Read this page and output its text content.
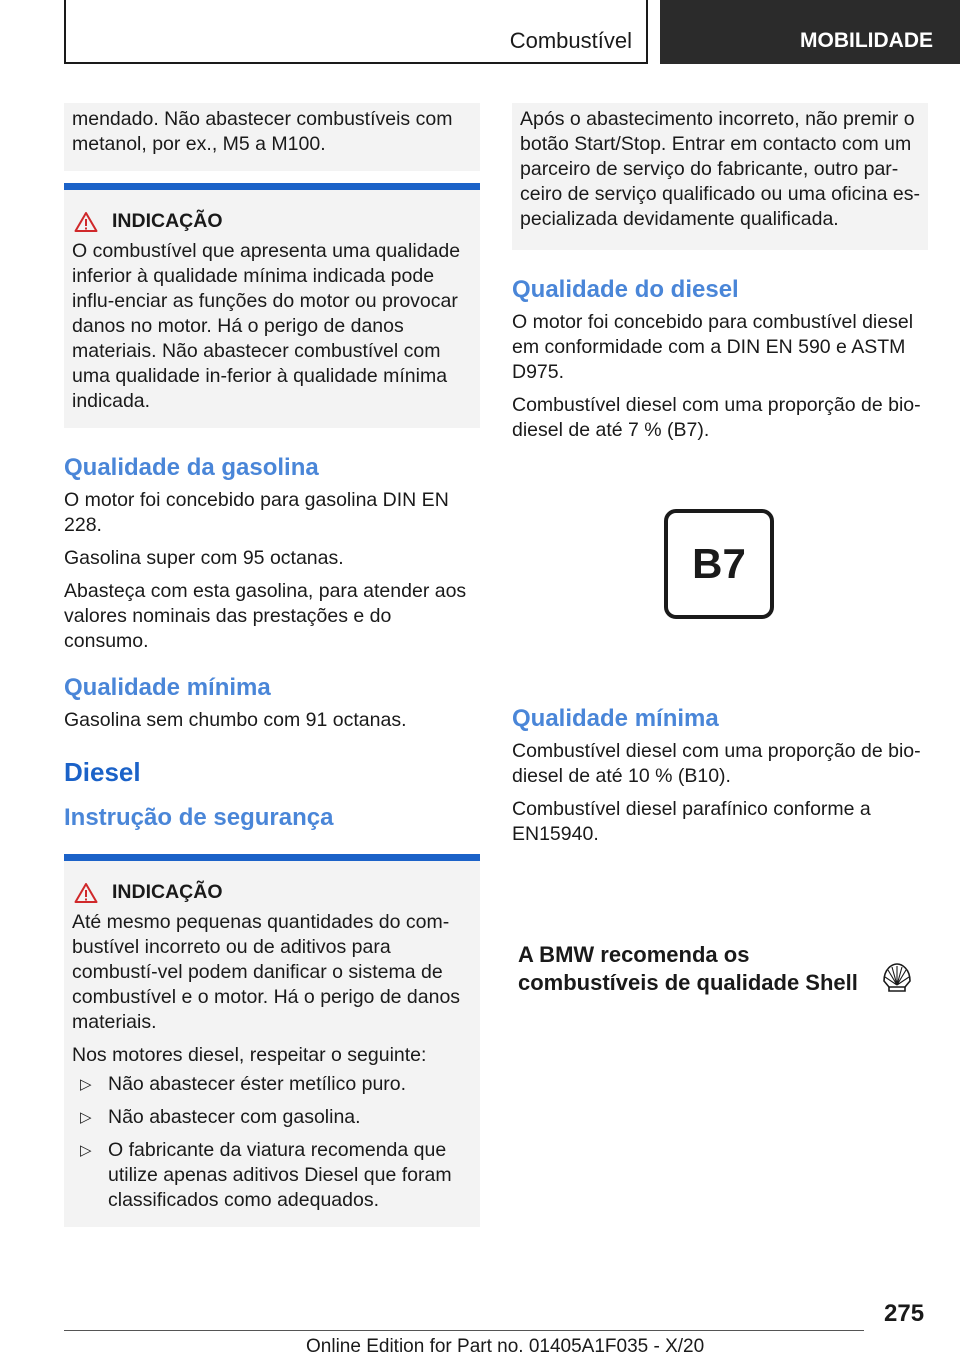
Combustível	MOBILIDADE

mendado. Não abastecer combustíveis com metanol, por ex., M5 a M100.

INDICAÇÃO

O combustível que apresenta uma qualidade inferior à qualidade mínima indicada pode influ-enciar as funções do motor ou provocar danos no motor. Há o perigo de danos materiais. Não abastecer combustível com uma qualidade in-ferior à qualidade mínima indicada.

Qualidade da gasolina

O motor foi concebido para gasolina DIN EN 228.

Gasolina super com 95 octanas.

Abasteça com esta gasolina, para atender aos valores nominais das prestações e do consumo.

Qualidade mínima

Gasolina sem chumbo com 91 octanas.

Diesel
Instrução de segurança
INDICAÇÃO

Até mesmo pequenas quantidades do com-bustível incorreto ou de aditivos para combustí-vel podem danificar o sistema de combustível e o motor. Há o perigo de danos materiais.

Nos motores diesel, respeitar o seguinte:

▷ Não abastecer éster metílico puro.
▷ Não abastecer com gasolina.
▷ O fabricante da viatura recomenda que utilize apenas aditivos Diesel que foram classificados como adequados.

Após o abastecimento incorreto, não premir o botão Start/Stop. Entrar em contacto com um parceiro de serviço do fabricante, outro par-ceiro de serviço qualificado ou uma oficina es-pecializada devidamente qualificada.

Qualidade do diesel

O motor foi concebido para combustível diesel em conformidade com a DIN EN 590 e ASTM D975.

Combustível diesel com uma proporção de bio-diesel de até 7 % (B7).

B7
Qualidade mínima

Combustível diesel com uma proporção de bio-diesel de até 10 % (B10).

Combustível diesel parafínico conforme a EN15940.

A BMW recomenda os
combustíveis de qualidade Shell
275
Online Edition for Part no. 01405A1F035 - X/20
